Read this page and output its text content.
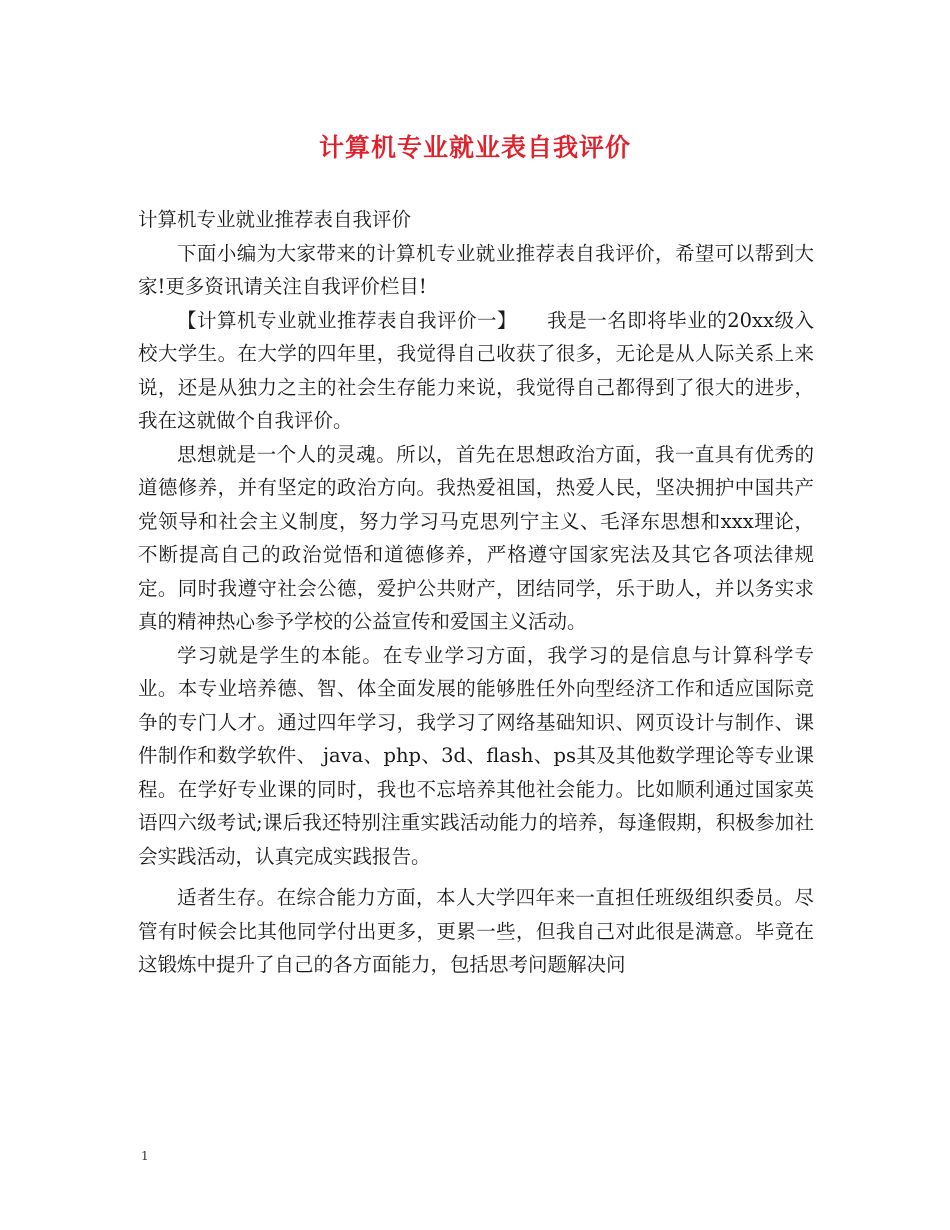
计算机专业就业表自我评价

计算机专业就业推荐表自我评价

下面小编为大家带来的计算机专业就业推荐表自我评价，希望可以帮到大家!更多资讯请关注自我评价栏目!

【计算机专业就业推荐表自我评价一】　　我是一名即将毕业的20xx级入校大学生。在大学的四年里，我觉得自己收获了很多，无论是从人际关系上来说，还是从独力之主的社会生存能力来说，我觉得自己都得到了很大的进步，我在这就做个自我评价。

思想就是一个人的灵魂。所以，首先在思想政治方面，我一直具有优秀的道德修养，并有坚定的政治方向。我热爱祖国，热爱人民，坚决拥护中国共产党领导和社会主义制度，努力学习马克思列宁主义、毛泽东思想和xxx理论，不断提高自己的政治觉悟和道德修养，严格遵守国家宪法及其它各项法律规定。同时我遵守社会公德，爱护公共财产，团结同学，乐于助人，并以务实求真的精神热心参予学校的公益宣传和爱国主义活动。

学习就是学生的本能。在专业学习方面，我学习的是信息与计算科学专业。本专业培养德、智、体全面发展的能够胜任外向型经济工作和适应国际竞争的专门人才。通过四年学习，我学习了网络基础知识、网页设计与制作、课件制作和数学软件、 java、php、3d、flash、ps其及其他数学理论等专业课程。在学好专业课的同时，我也不忘培养其他社会能力。比如顺利通过国家英语四六级考试;课后我还特别注重实践活动能力的培养，每逢假期，积极参加社会实践活动，认真完成实践报告。

适者生存。在综合能力方面，本人大学四年来一直担任班级组织委员。尽管有时候会比其他同学付出更多，更累一些，但我自己对此很是满意。毕竟在这锻炼中提升了自己的各方面能力，包括思考问题解决问

1
